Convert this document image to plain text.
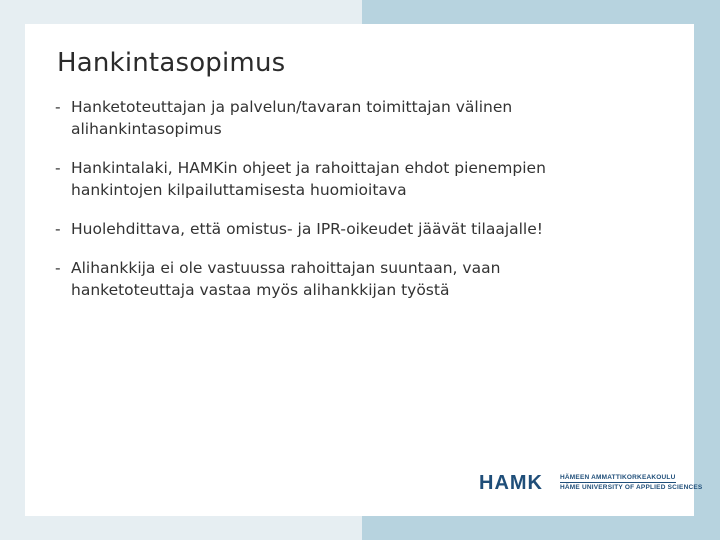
Hankintasopimus
- Hanketoteuttajan ja palvelun/tavaran toimittajan välinen alihankintasopimus
- Hankintalaki, HAMKin ohjeet ja rahoittajan ehdot pienempien hankintojen kilpailuttamisesta huomioitava
- Huolehdittava, että omistus- ja IPR-oikeudet jäävät tilaajalle!
- Alihankkija ei ole vastuussa rahoittajan suuntaan, vaan hanketoteuttaja vastaa myös alihankkijan työstä
HAMK	HÄMEEN AMMATTIKORKEAKOULU
HÄME UNIVERSITY OF APPLIED SCIENCES
